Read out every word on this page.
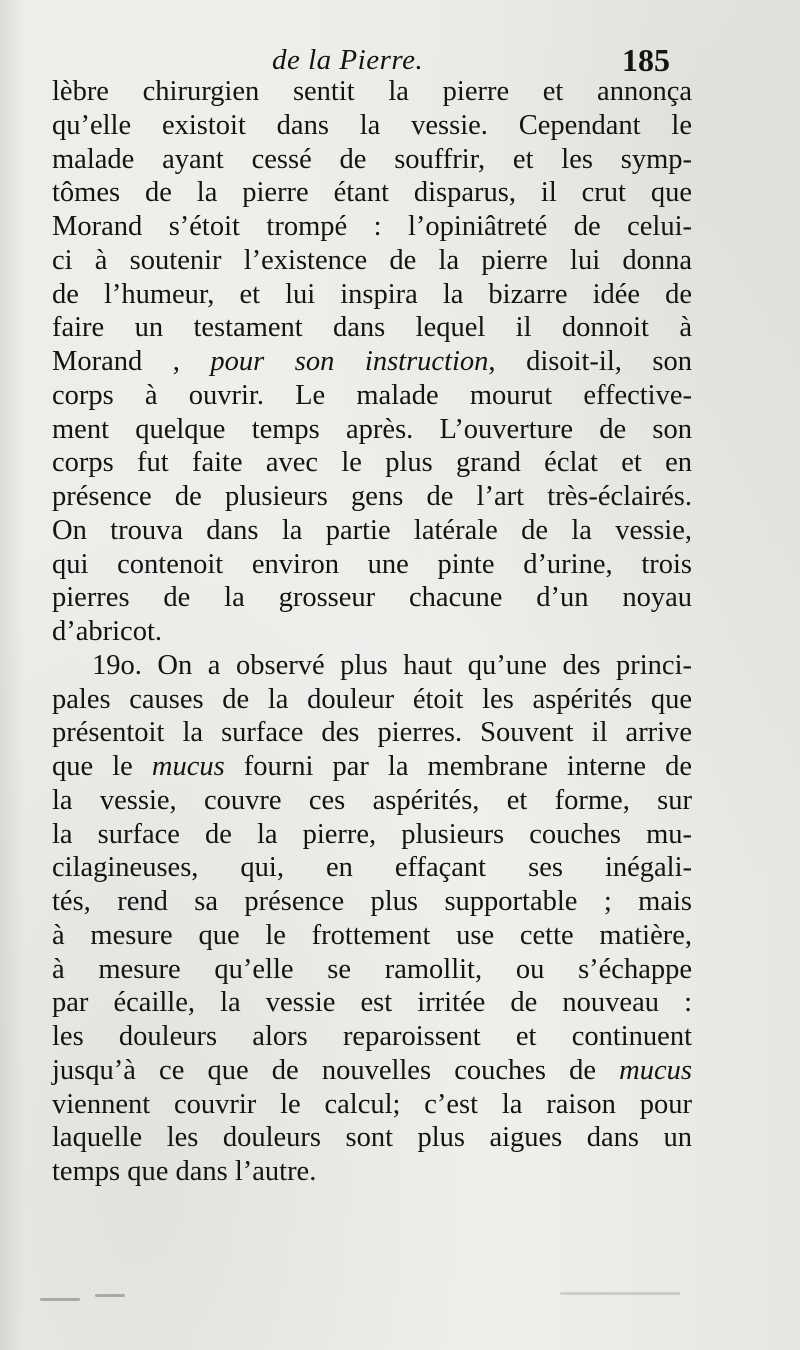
de la Pierre.	185
lèbre chirurgien sentit la pierre et annonça
qu’elle existoit dans la vessie. Cependant le
malade ayant cessé de souffrir, et les symp-
tômes de la pierre étant disparus, il crut que
Morand s’étoit trompé : l’opiniâtreté de celui-
ci à soutenir l’existence de la pierre lui donna
de l’humeur, et lui inspira la bizarre idée de
faire un testament dans lequel il donnoit à
Morand , pour son instruction, disoit-il, son
corps à ouvrir. Le malade mourut effective-
ment quelque temps après. L’ouverture de son
corps fut faite avec le plus grand éclat et en
présence de plusieurs gens de l’art très-éclairés.
On trouva dans la partie latérale de la vessie,
qui contenoit environ une pinte d’urine, trois
pierres de la grosseur chacune d’un noyau
d’abricot.
19o. On a observé plus haut qu’une des princi-
pales causes de la douleur étoit les aspérités que
présentoit la surface des pierres. Souvent il arrive
que le mucus fourni par la membrane interne de
la vessie, couvre ces aspérités, et forme, sur
la surface de la pierre, plusieurs couches mu-
cilagineuses, qui, en effaçant ses inégali-
tés, rend sa présence plus supportable ; mais
à mesure que le frottement use cette matière,
à mesure qu’elle se ramollit, ou s’échappe
par écaille, la vessie est irritée de nouveau :
les douleurs alors reparoissent et continuent
jusqu’à ce que de nouvelles couches de mucus
viennent couvrir le calcul; c’est la raison pour
laquelle les douleurs sont plus aigues dans un
temps que dans l’autre.
